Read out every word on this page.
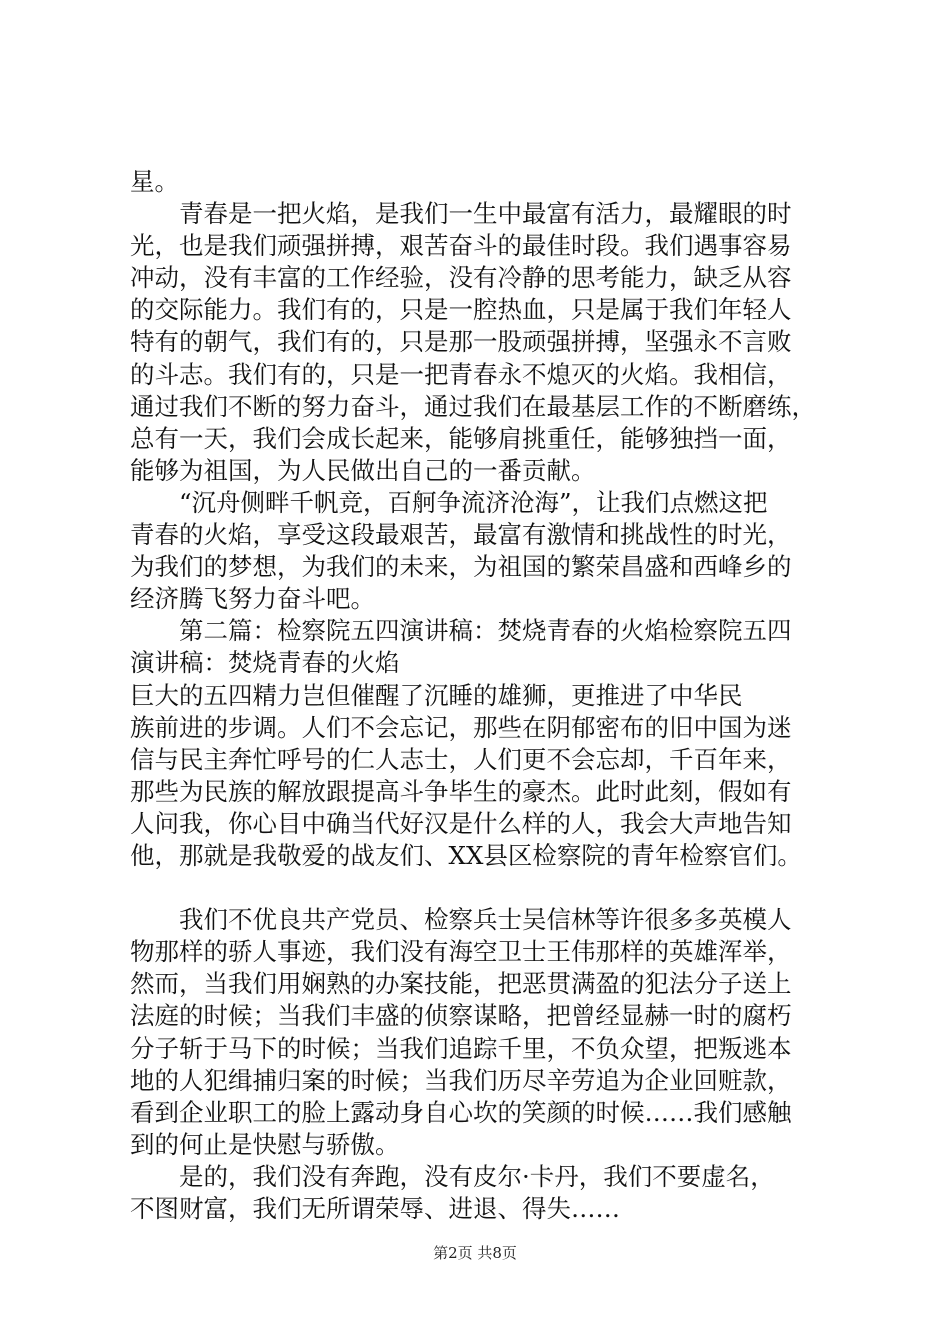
星。
　　青春是一把火焰，是我们一生中最富有活力，最耀眼的时
光，也是我们顽强拼搏，艰苦奋斗的最佳时段。我们遇事容易
冲动，没有丰富的工作经验，没有冷静的思考能力，缺乏从容
的交际能力。我们有的，只是一腔热血，只是属于我们年轻人
特有的朝气，我们有的，只是那一股顽强拼搏，坚强永不言败
的斗志。我们有的，只是一把青春永不熄灭的火焰。我相信，
通过我们不断的努力奋斗，通过我们在最基层工作的不断磨练，
总有一天，我们会成长起来，能够肩挑重任，能够独挡一面，
能够为祖国，为人民做出自己的一番贡献。
　　“沉舟侧畔千帆竞，百舸争流济沧海”，让我们点燃这把
青春的火焰，享受这段最艰苦，最富有激情和挑战性的时光，
为我们的梦想，为我们的未来，为祖国的繁荣昌盛和西峰乡的
经济腾飞努力奋斗吧。
　　第二篇：检察院五四演讲稿：焚烧青春的火焰检察院五四
演讲稿：焚烧青春的火焰
巨大的五四精力岂但催醒了沉睡的雄狮，更推进了中华民
族前进的步调。人们不会忘记，那些在阴郁密布的旧中国为迷
信与民主奔忙呼号的仁人志士，人们更不会忘却，千百年来，
那些为民族的解放跟提高斗争毕生的豪杰。此时此刻，假如有
人问我，你心目中确当代好汉是什么样的人，我会大声地告知
他，那就是我敬爱的战友们、XX县区检察院的青年检察官们。
　　我们不优良共产党员、检察兵士吴信林等许很多多英模人
物那样的骄人事迹，我们没有海空卫士王伟那样的英雄浑举，
然而，当我们用娴熟的办案技能，把恶贯满盈的犯法分子送上
法庭的时候；当我们丰盛的侦察谋略，把曾经显赫一时的腐朽
分子斩于马下的时候；当我们追踪千里，不负众望，把叛逃本
地的人犯缉捕归案的时候；当我们历尽辛劳追为企业回赃款，
看到企业职工的脸上露动身自心坎的笑颜的时候……我们感触
到的何止是快慰与骄傲。
　　是的，我们没有奔跑，没有皮尔·卡丹，我们不要虚名，
不图财富，我们无所谓荣辱、进退、得失……
第2页 共8页
